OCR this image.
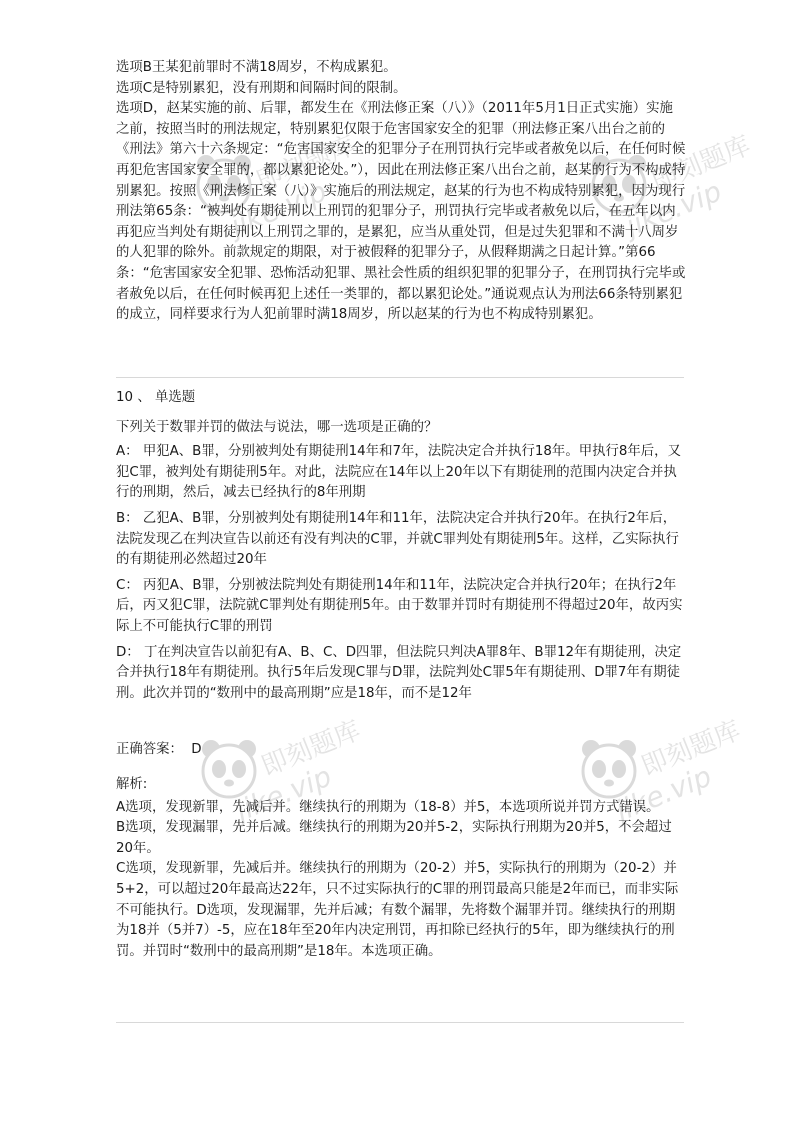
即刻题库
jike.vip
即刻题库
jike.vip
即刻题库
jike.vip
即刻题库
jike.vip

选项B王某犯前罪时不满18周岁，不构成累犯。

选项C是特别累犯，没有刑期和间隔时间的限制。

选项D，赵某实施的前、后罪，都发生在《刑法修正案（八）》（2011年5月1日正式实施）实施之前，按照当时的刑法规定，特别累犯仅限于危害国家安全的犯罪（刑法修正案八出台之前的《刑法》第六十六条规定：“危害国家安全的犯罪分子在刑罚执行完毕或者赦免以后，在任何时候再犯危害国家安全罪的，都以累犯论处。”），因此在刑法修正案八出台之前，赵某的行为不构成特别累犯。按照《刑法修正案（八）》实施后的刑法规定，赵某的行为也不构成特别累犯，因为现行刑法第65条：“被判处有期徒刑以上刑罚的犯罪分子，刑罚执行完毕或者赦免以后，在五年以内再犯应当判处有期徒刑以上刑罚之罪的，是累犯，应当从重处罚，但是过失犯罪和不满十八周岁的人犯罪的除外。前款规定的期限，对于被假释的犯罪分子，从假释期满之日起计算。”第66条：“危害国家安全犯罪、恐怖活动犯罪、黑社会性质的组织犯罪的犯罪分子，在刑罚执行完毕或者赦免以后，在任何时候再犯上述任一类罪的，都以累犯论处。”通说观点认为刑法66条特别累犯的成立，同样要求行为人犯前罪时满18周岁，所以赵某的行为也不构成特别累犯。

10 、 单选题

下列关于数罪并罚的做法与说法，哪一选项是正确的？

A： 甲犯A、B罪，分别被判处有期徒刑14年和7年，法院决定合并执行18年。甲执行8年后，又犯C罪，被判处有期徒刑5年。对此，法院应在14年以上20年以下有期徒刑的范围内决定合并执行的刑期，然后，减去已经执行的8年刑期

B： 乙犯A、B罪，分别被判处有期徒刑14年和11年，法院决定合并执行20年。在执行2年后，法院发现乙在判决宣告以前还有没有判决的C罪，并就C罪判处有期徒刑5年。这样，乙实际执行的有期徒刑必然超过20年

C： 丙犯A、B罪，分别被法院判处有期徒刑14年和11年，法院决定合并执行20年；在执行2年后，丙又犯C罪，法院就C罪判处有期徒刑5年。由于数罪并罚时有期徒刑不得超过20年，故丙实际上不可能执行C罪的刑罚

D： 丁在判决宣告以前犯有A、B、C、D四罪，但法院只判决A罪8年、B罪12年有期徒刑，决定合并执行18年有期徒刑。执行5年后发现C罪与D罪，法院判处C罪5年有期徒刑、D罪7年有期徒刑。此次并罚的“数刑中的最高刑期”应是18年，而不是12年

正确答案： D

解析:

A选项，发现新罪，先减后并。继续执行的刑期为（18-8）并5，本选项所说并罚方式错误。

B选项，发现漏罪，先并后减。继续执行的刑期为20并5-2，实际执行刑期为20并5，不会超过20年。

C选项，发现新罪，先减后并。继续执行的刑期为（20-2）并5，实际执行的刑期为（20-2）并5+2，可以超过20年最高达22年，只不过实际执行的C罪的刑罚最高只能是2年而已，而非实际不可能执行。D选项，发现漏罪，先并后减；有数个漏罪，先将数个漏罪并罚。继续执行的刑期为18并（5并7）-5，应在18年至20年内决定刑罚，再扣除已经执行的5年，即为继续执行的刑罚。并罚时“数刑中的最高刑期”是18年。本选项正确。
